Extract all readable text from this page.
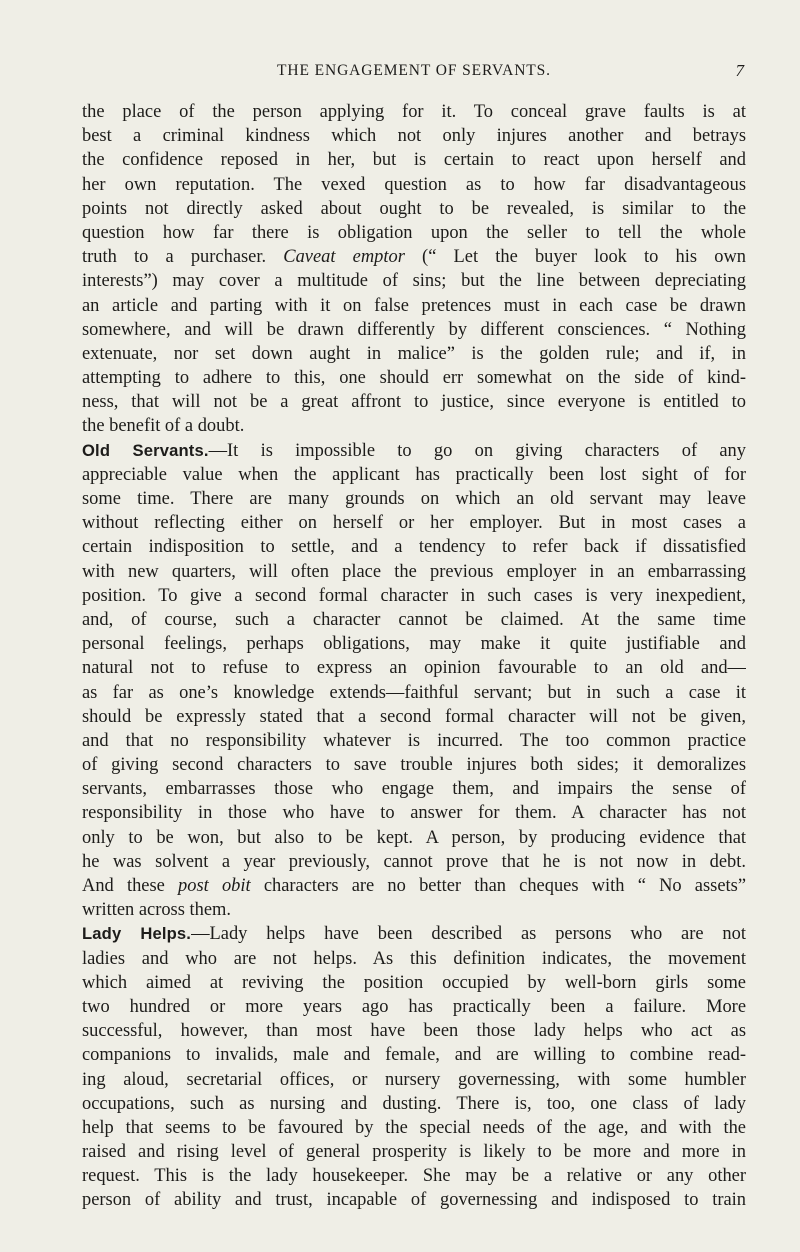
THE ENGAGEMENT OF SERVANTS.	7
the place of the person applying for it. To conceal grave faults is at
best a criminal kindness which not only injures another and betrays
the confidence reposed in her, but is certain to react upon herself and
her own reputation. The vexed question as to how far disadvantageous
points not directly asked about ought to be revealed, is similar to the
question how far there is obligation upon the seller to tell the whole
truth to a purchaser. Caveat emptor (“ Let the buyer look to his own
interests”) may cover a multitude of sins; but the line between depreciating
an article and parting with it on false pretences must in each case be drawn
somewhere, and will be drawn differently by different consciences. “ Nothing
extenuate, nor set down aught in malice” is the golden rule; and if, in
attempting to adhere to this, one should err somewhat on the side of kind-
ness, that will not be a great affront to justice, since everyone is entitled to
the benefit of a doubt.
Old Servants.—It is impossible to go on giving characters of any
appreciable value when the applicant has practically been lost sight of for
some time. There are many grounds on which an old servant may leave
without reflecting either on herself or her employer. But in most cases a
certain indisposition to settle, and a tendency to refer back if dissatisfied
with new quarters, will often place the previous employer in an embarrassing
position. To give a second formal character in such cases is very inexpedient,
and, of course, such a character cannot be claimed. At the same time
personal feelings, perhaps obligations, may make it quite justifiable and
natural not to refuse to express an opinion favourable to an old and—
as far as one’s knowledge extends—faithful servant; but in such a case it
should be expressly stated that a second formal character will not be given,
and that no responsibility whatever is incurred. The too common practice
of giving second characters to save trouble injures both sides; it demoralizes
servants, embarrasses those who engage them, and impairs the sense of
responsibility in those who have to answer for them. A character has not
only to be won, but also to be kept. A person, by producing evidence that
he was solvent a year previously, cannot prove that he is not now in debt.
And these post obit characters are no better than cheques with “ No assets”
written across them.
Lady Helps.—Lady helps have been described as persons who are not
ladies and who are not helps. As this definition indicates, the movement
which aimed at reviving the position occupied by well-born girls some
two hundred or more years ago has practically been a failure. More
successful, however, than most have been those lady helps who act as
companions to invalids, male and female, and are willing to combine read-
ing aloud, secretarial offices, or nursery governessing, with some humbler
occupations, such as nursing and dusting. There is, too, one class of lady
help that seems to be favoured by the special needs of the age, and with the
raised and rising level of general prosperity is likely to be more and more in
request. This is the lady housekeeper. She may be a relative or any other
person of ability and trust, incapable of governessing and indisposed to train
